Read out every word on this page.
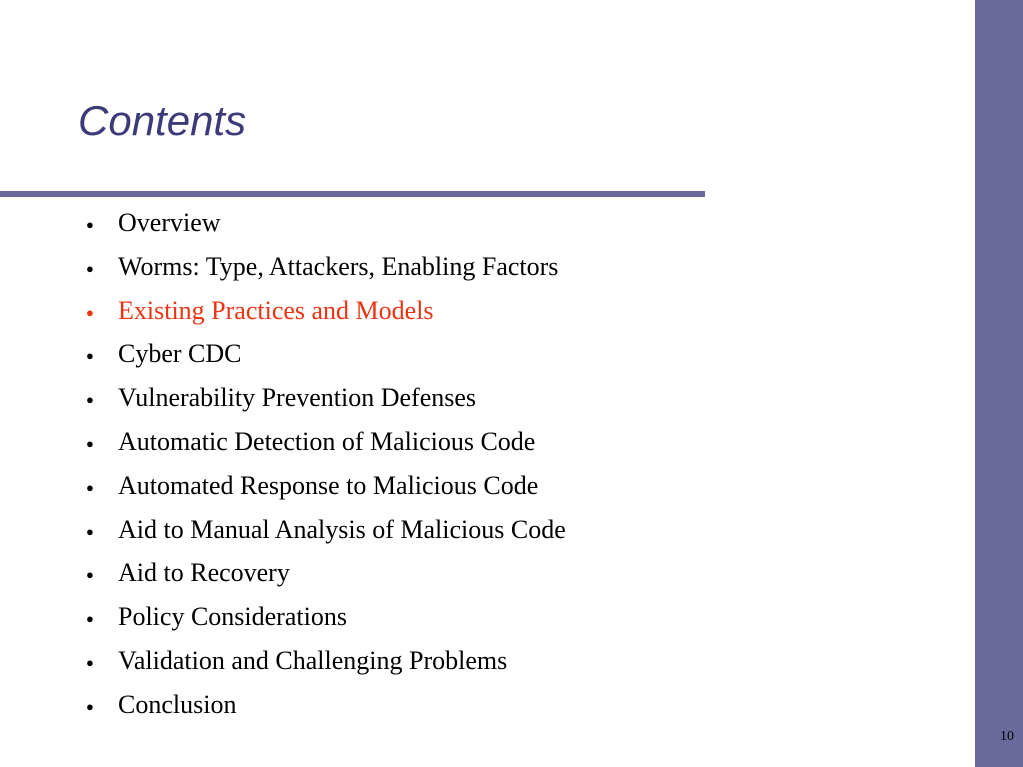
Contents
● Overview
● Worms: Type, Attackers, Enabling Factors
● Existing Practices and Models
● Cyber CDC
● Vulnerability Prevention Defenses
● Automatic Detection of Malicious Code
● Automated Response to Malicious Code
● Aid to Manual Analysis of Malicious Code
● Aid to Recovery
● Policy Considerations
● Validation and Challenging Problems
● Conclusion
10
